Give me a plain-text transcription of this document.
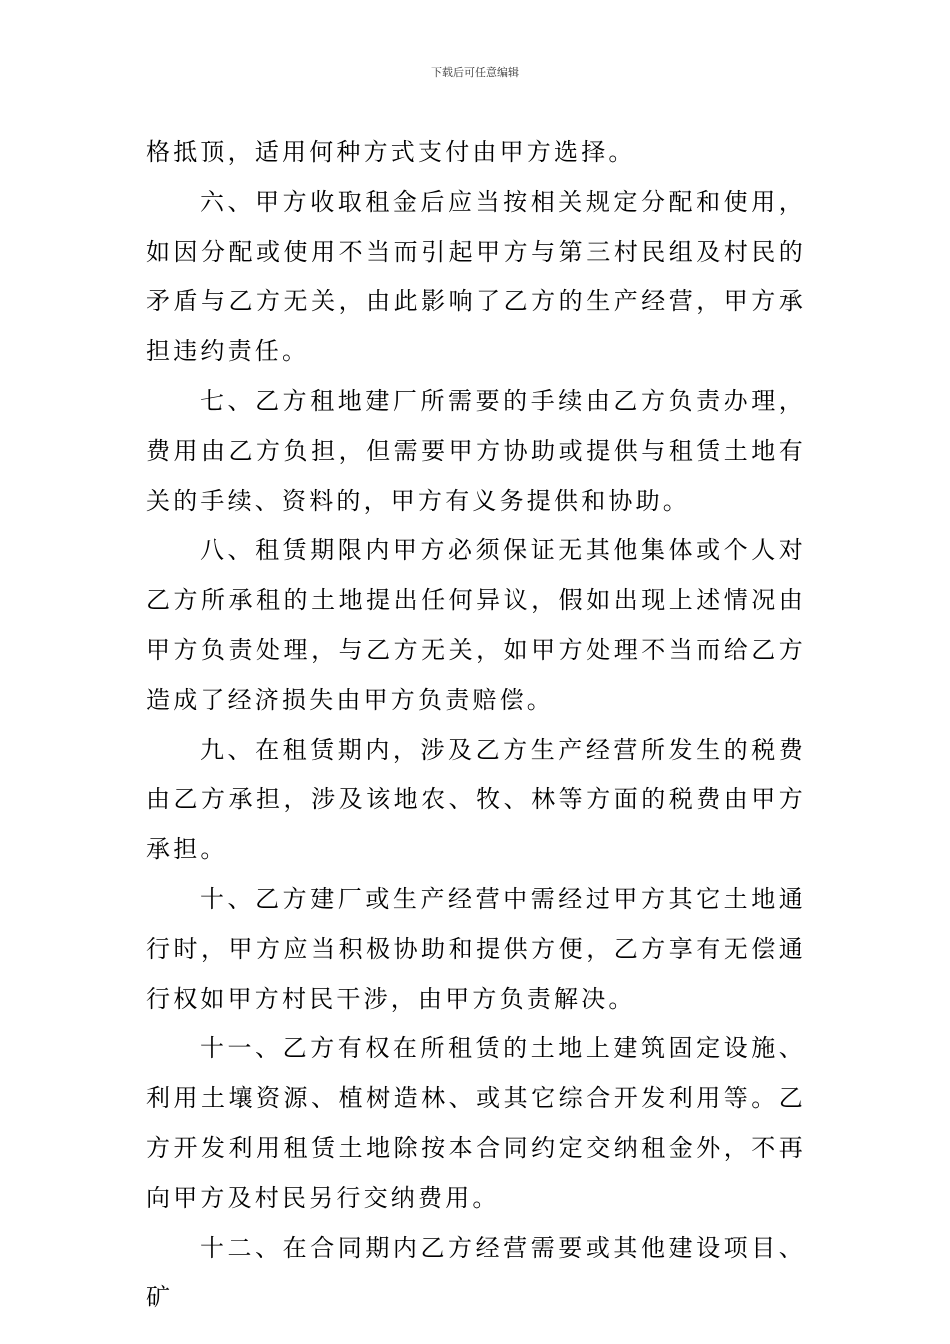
下载后可任意编辑

格抵顶，适用何种方式支付由甲方选择。

六、甲方收取租金后应当按相关规定分配和使用，如因分配或使用不当而引起甲方与第三村民组及村民的矛盾与乙方无关，由此影响了乙方的生产经营，甲方承担违约责任。

七、乙方租地建厂所需要的手续由乙方负责办理，费用由乙方负担，但需要甲方协助或提供与租赁土地有关的手续、资料的，甲方有义务提供和协助。

八、租赁期限内甲方必须保证无其他集体或个人对乙方所承租的土地提出任何异议，假如出现上述情况由甲方负责处理，与乙方无关，如甲方处理不当而给乙方造成了经济损失由甲方负责赔偿。

九、在租赁期内，涉及乙方生产经营所发生的税费由乙方承担，涉及该地农、牧、林等方面的税费由甲方承担。

十、乙方建厂或生产经营中需经过甲方其它土地通行时，甲方应当积极协助和提供方便，乙方享有无偿通行权如甲方村民干涉，由甲方负责解决。

十一、乙方有权在所租赁的土地上建筑固定设施、利用土壤资源、植树造林、或其它综合开发利用等。乙方开发利用租赁土地除按本合同约定交纳租金外，不再向甲方及村民另行交纳费用。

十二、在合同期内乙方经营需要或其他建设项目、矿
